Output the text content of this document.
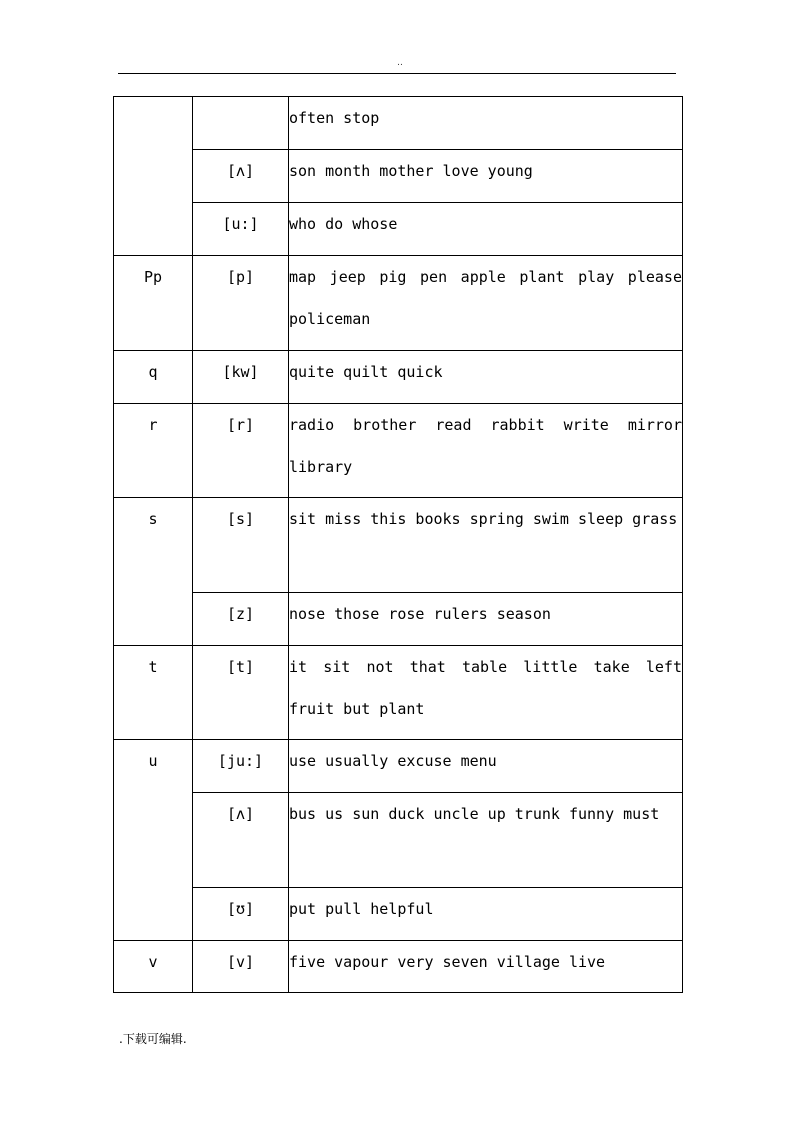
..
		often stop
	[ʌ]	son month mother love young
	[u:]	who do whose
Pp	[p]	map jeep pig pen apple plant play please policeman
q	[kw]	quite quilt quick
r	[r]	radio brother read rabbit write mirror library
s	[s]	sit miss this books spring swim sleep grass
	[z]	nose those rose rulers season
t	[t]	it sit not that table little take left fruit but plant
u	[ju:]	use usually excuse menu
	[ʌ]	bus us sun duck uncle up trunk funny must
	[ʊ]	put pull helpful
v	[v]	five vapour very seven village live
.下载可编辑.
